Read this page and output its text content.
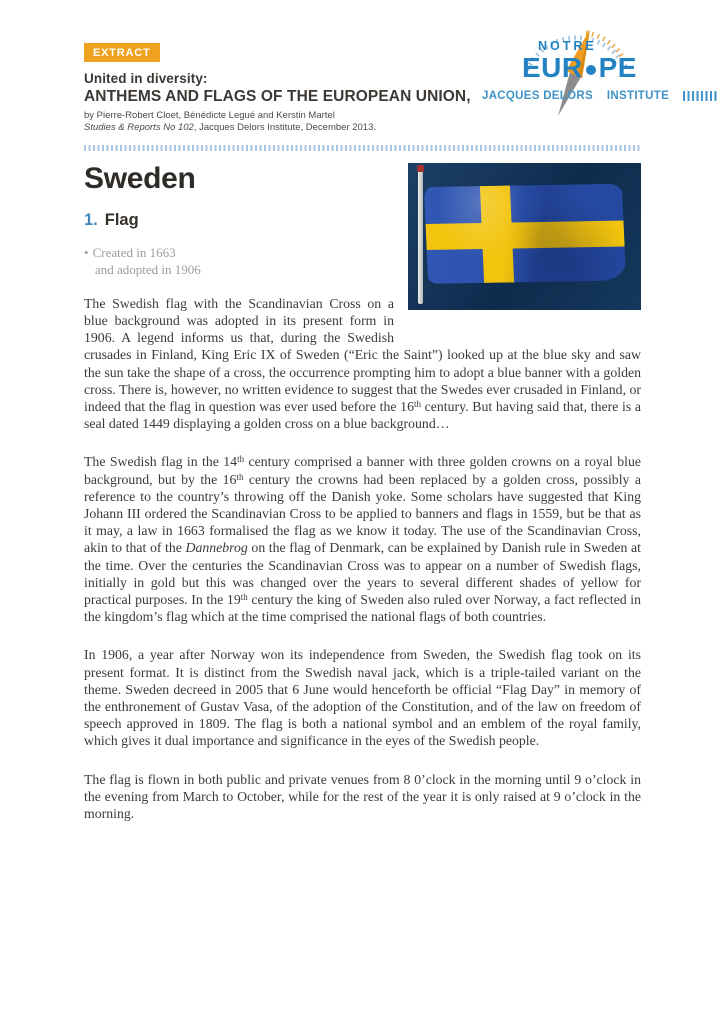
EXTRACT
United in diversity:
ANTHEMS AND FLAGS OF THE EUROPEAN UNION,
by Pierre-Robert Cloet, Bénédicte Legué and Kerstin Martel
Studies & Reports No 102, Jacques Delors Institute, December 2013.
NOTRE
EUR PE
JACQUES DELORS INSTITUTE
Sweden
1. Flag
• Created in 1663
and adopted in 1906

The Swedish flag with the Scandinavian Cross on a blue background was adopted in its present form in 1906. A legend informs us that, during the Swedish crusades in Finland, King Eric IX of Sweden (“Eric the Saint”) looked up at the blue sky and saw the sun take the shape of a cross, the occurrence prompting him to adopt a blue banner with a golden cross. There is, however, no written evidence to suggest that the Swedes ever crusaded in Finland, or indeed that the flag in question was ever used before the 16th century. But having said that, there is a seal dated 1449 displaying a golden cross on a blue background…

The Swedish flag in the 14th century comprised a banner with three golden crowns on a royal blue background, but by the 16th century the crowns had been replaced by a golden cross, possibly a reference to the country’s throwing off the Danish yoke. Some scholars have suggested that King Johann III ordered the Scandinavian Cross to be applied to banners and flags in 1559, but be that as it may, a law in 1663 formalised the flag as we know it today. The use of the Scandinavian Cross, akin to that of the Dannebrog on the flag of Denmark, can be explained by Danish rule in Sweden at the time. Over the centuries the Scandinavian Cross was to appear on a number of Swedish flags, initially in gold but this was changed over the years to several different shades of yellow for practical purposes. In the 19th century the king of Sweden also ruled over Norway, a fact reflected in the kingdom’s flag which at the time comprised the national flags of both countries.

In 1906, a year after Norway won its independence from Sweden, the Swedish flag took on its present format. It is distinct from the Swedish naval jack, which is a triple-tailed variant on the theme. Sweden decreed in 2005 that 6 June would henceforth be official “Flag Day” in memory of the enthronement of Gustav Vasa, of the adoption of the Constitution, and of the law on freedom of speech approved in 1809. The flag is both a national symbol and an emblem of the royal family, which gives it dual importance and significance in the eyes of the Swedish people.

The flag is flown in both public and private venues from 8 0’clock in the morning until 9 o’clock in the evening from March to October, while for the rest of the year it is only raised at 9 o’clock in the morning.
